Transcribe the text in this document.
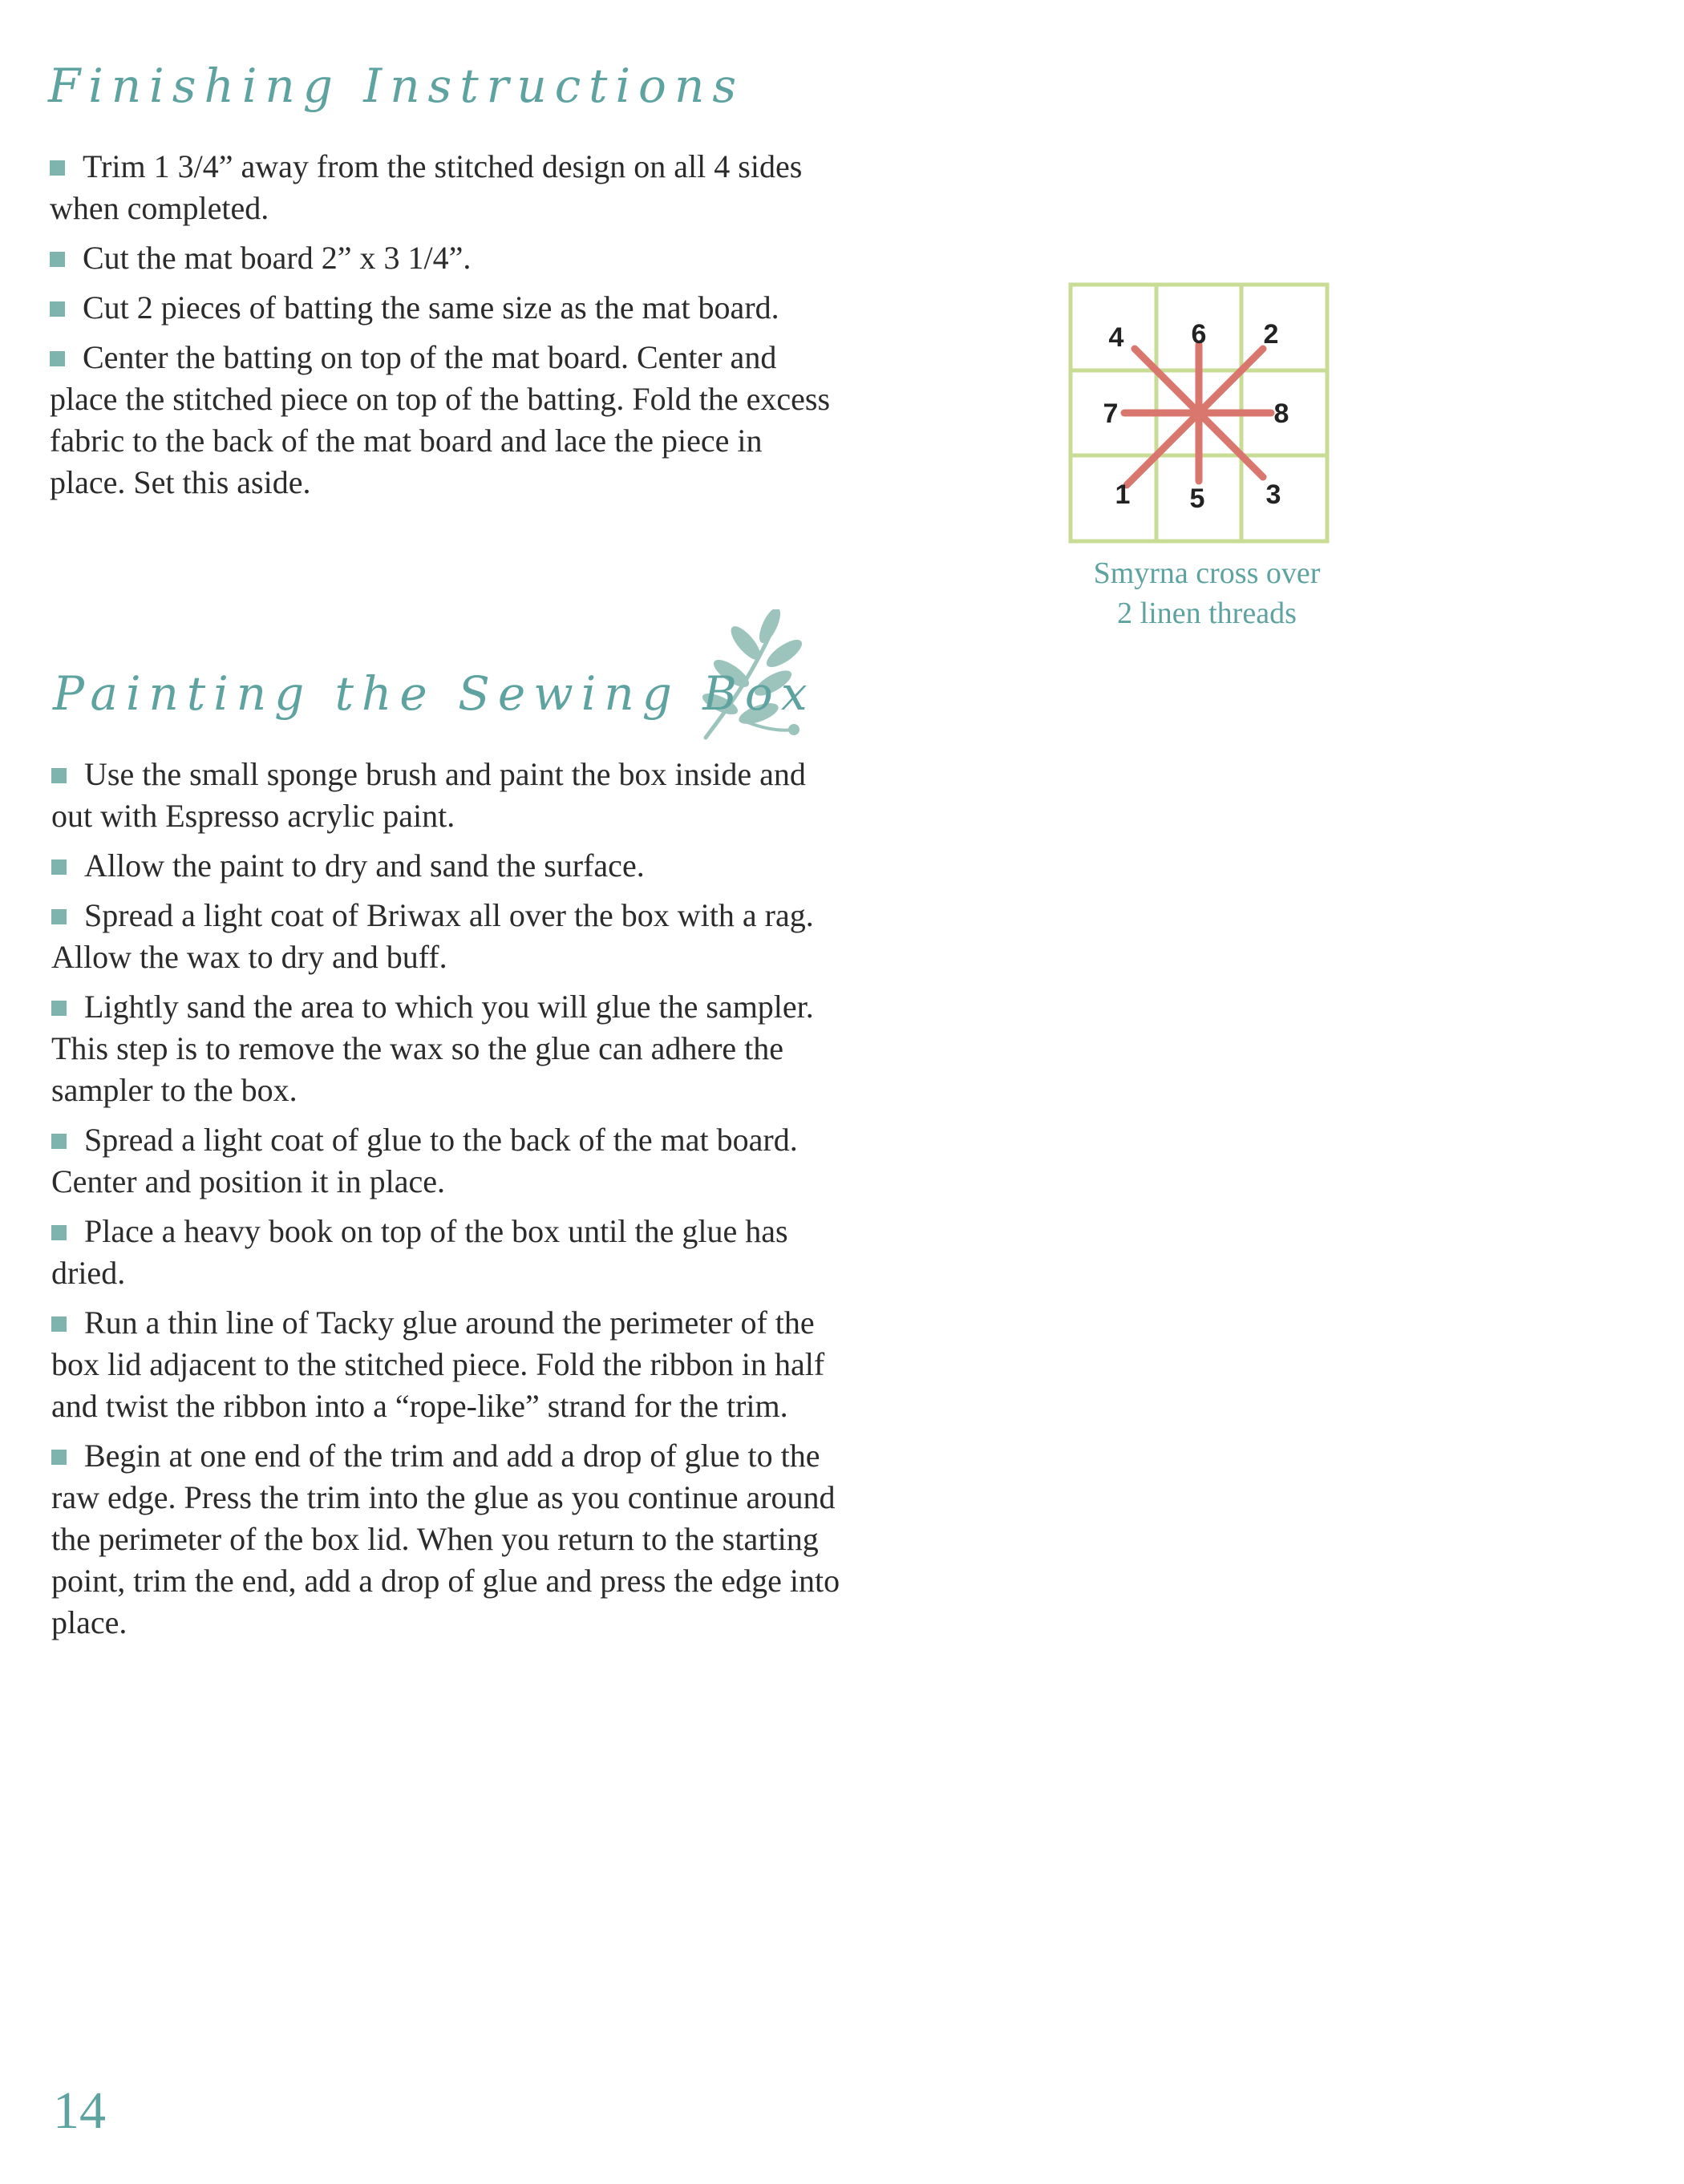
Finishing Instructions
Trim 1 3/4” away from the stitched design on all 4 sides when completed.
Cut the mat board 2” x 3 1/4”.
Cut 2 pieces of batting the same size as the mat board.
Center the batting on top of the mat board. Center and place the stitched piece on top of the batting. Fold the excess fabric to the back of the mat board and lace the piece in place. Set this aside.
Painting the Sewing Box
Use the small sponge brush and paint the box inside and out with Espresso acrylic paint.
Allow the paint to dry and sand the surface.
Spread a light coat of Briwax all over the box with a rag. Allow the wax to dry and buff.
Lightly sand the area to which you will glue the sampler. This step is to remove the wax so the glue can adhere the sampler to the box.
Spread a light coat of glue to the back of the mat board. Center and position it in place.
Place a heavy book on top of the box until the glue has dried.
Run a thin line of Tacky glue around the perimeter of the box lid adjacent to the stitched piece. Fold the ribbon in half and twist the ribbon into a “rope-like” strand for the trim.
Begin at one end of the trim and add a drop of glue to the raw edge. Press the trim into the glue as you continue around the perimeter of the box lid. When you return to the starting point, trim the end, add a drop of glue and press the edge into place.
4 6 2
7	8
1 5 3
Smyrna cross over
2 linen threads
14
